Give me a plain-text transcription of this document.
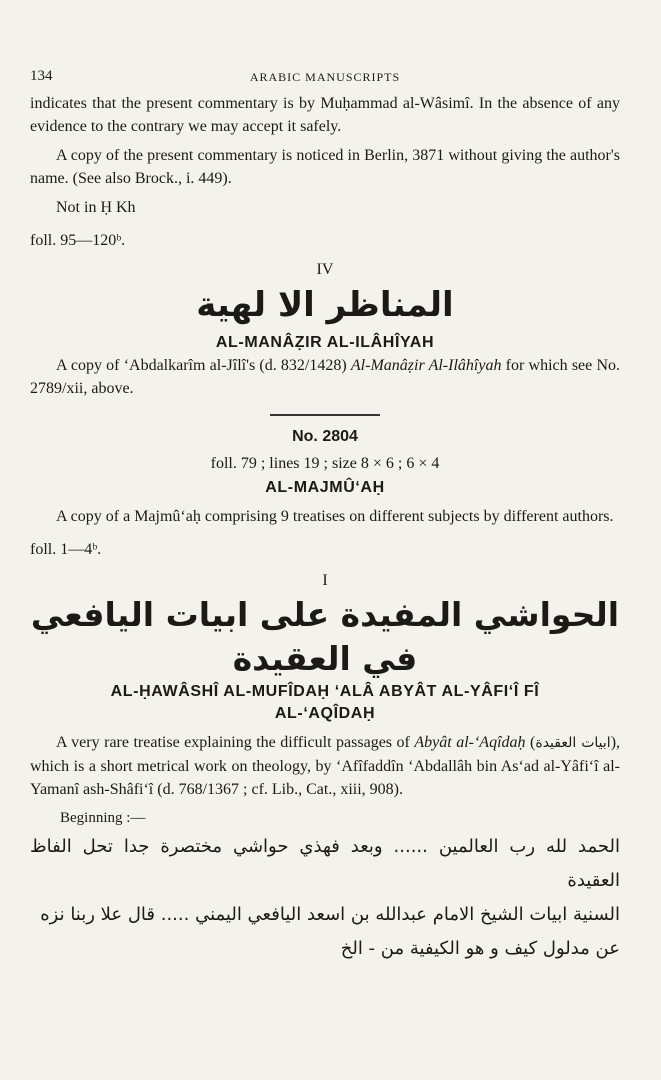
134	ARABIC MANUSCRIPTS

indicates that the present commentary is by Muḥammad al-Wâsimî. In the absence of any evidence to the contrary we may accept it safely.

A copy of the present commentary is noticed in Berlin, 3871 without giving the author's name. (See also Brock., i. 449).

Not in Ḥ Kh

foll. 95—120ᵇ.

IV
المناظر الا لهية
AL-MANÂẒIR AL-ILÂHÎYAH

A copy of ‘Abdalkarîm al-Jîlî's (d. 832/1428) Al-Manâẓir Al-Ilâhîyah for which see No. 2789/xii, above.

No. 2804
foll. 79 ; lines 19 ; size 8 × 6 ; 6 × 4
AL-MAJMÛ‘AḤ

A copy of a Majmû‘aḥ comprising 9 treatises on different subjects by different authors.

foll. 1—4ᵇ.

I
الحواشي المفيدة على ابيات اليافعي في العقيدة
AL-ḤAWÂSHÎ AL-MUFÎDAḤ ‘ALÂ ABYÂT AL-YÂFI‘Î FÎ
AL-‘AQÎDAḤ

A very rare treatise explaining the difficult passages of Abyât al-‘Aqîdaḥ (ابيات العقيدة), which is a short metrical work on theology, by ‘Afîfaddîn ‘Abdallâh bin As‘ad al-Yâfi‘î al-Yamanî ash-Shâfi‘î (d. 768/1367 ; cf. Lib., Cat., xiii, 908).

Beginning :—

الحمد لله رب العالمين ...... وبعد فهذي حواشي مختصرة جدا تحل الفاظ العقيدة
السنية ابيات الشيخ الامام عبدالله بن اسعد اليافعي اليمني ..... قال علا ربنا نزه
عن مدلول كيف و هو الكيفية من - الخ
